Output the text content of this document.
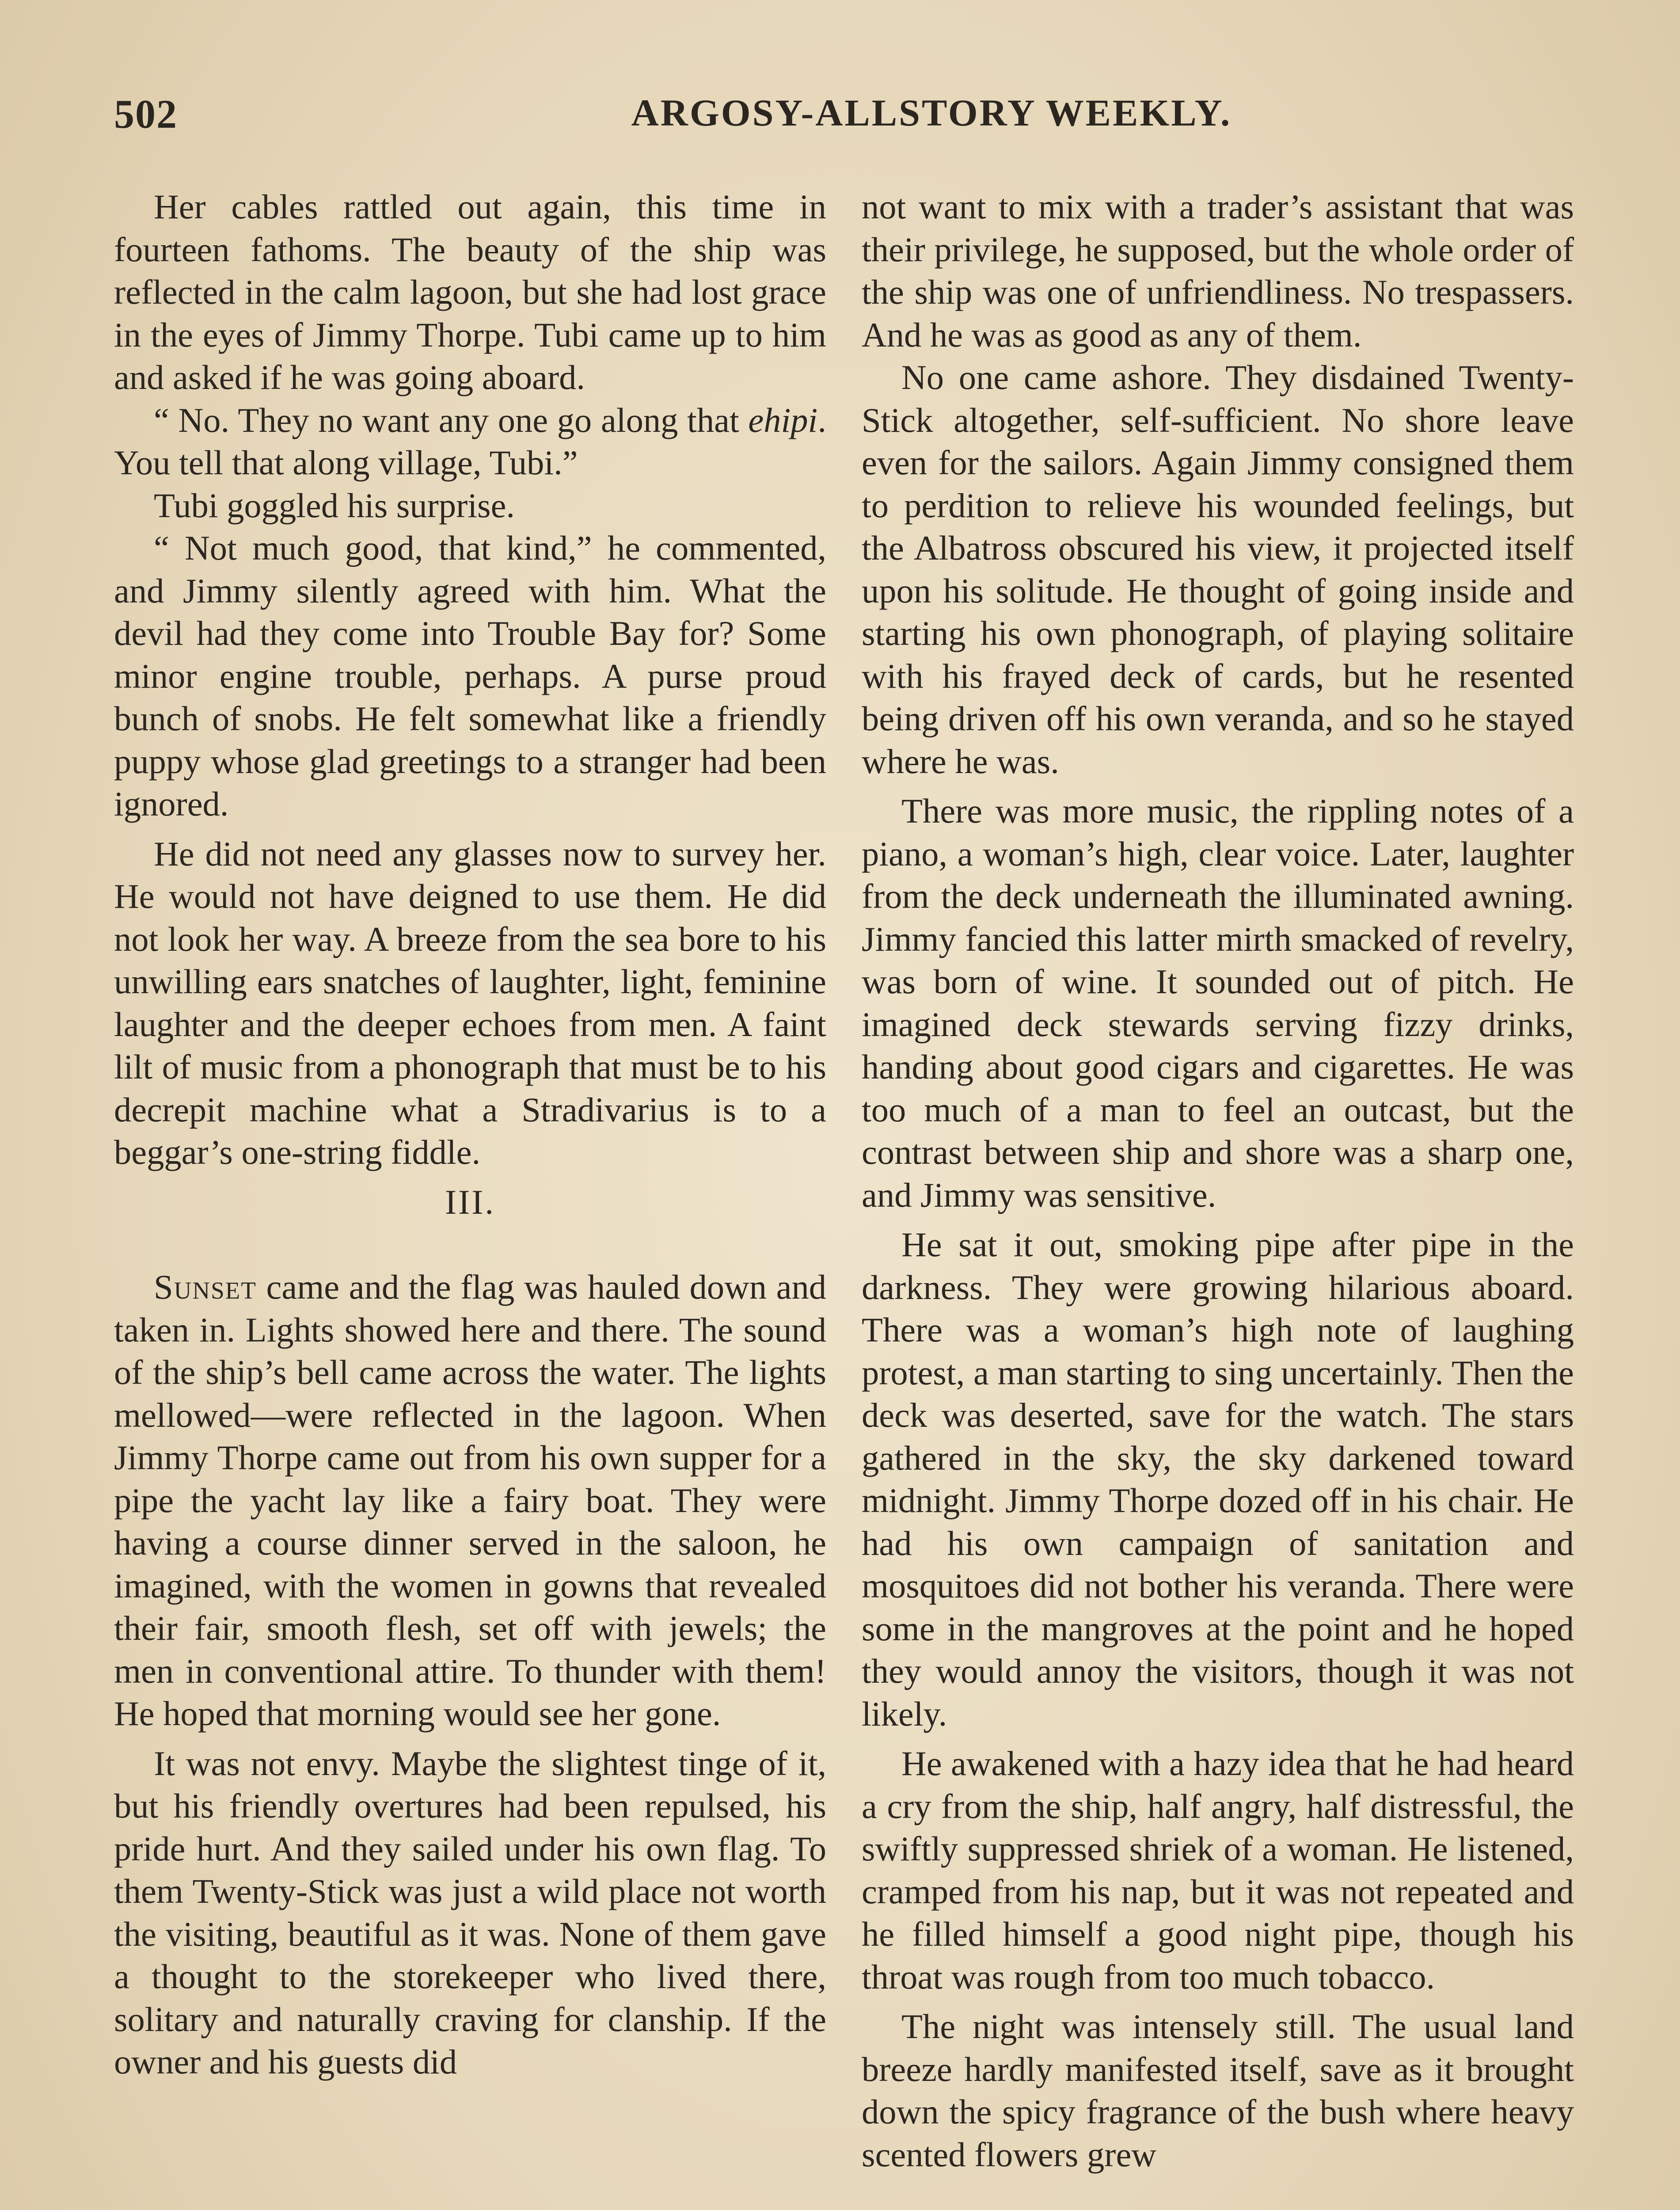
502	ARGOSY-ALLSTORY WEEKLY.

Her cables rattled out again, this time in fourteen fathoms. The beauty of the ship was reflected in the calm lagoon, but she had lost grace in the eyes of Jimmy Thorpe. Tubi came up to him and asked if he was going aboard.

“ No. They no want any one go along that ehipi. You tell that along village, Tubi.”

Tubi goggled his surprise.

“ Not much good, that kind,” he commented, and Jimmy silently agreed with him. What the devil had they come into Trouble Bay for? Some minor engine trouble, perhaps. A purse proud bunch of snobs. He felt somewhat like a friendly puppy whose glad greetings to a stranger had been ignored.

He did not need any glasses now to survey her. He would not have deigned to use them. He did not look her way. A breeze from the sea bore to his unwilling ears snatches of laughter, light, feminine laughter and the deeper echoes from men. A faint lilt of music from a phonograph that must be to his decrepit machine what a Stradivarius is to a beggar’s one-string fiddle.

III.

Sunset came and the flag was hauled down and taken in. Lights showed here and there. The sound of the ship’s bell came across the water. The lights mellowed—were reflected in the lagoon. When Jimmy Thorpe came out from his own supper for a pipe the yacht lay like a fairy boat. They were having a course dinner served in the saloon, he imagined, with the women in gowns that revealed their fair, smooth flesh, set off with jewels; the men in conventional attire. To thunder with them! He hoped that morning would see her gone.

It was not envy. Maybe the slightest tinge of it, but his friendly overtures had been repulsed, his pride hurt. And they sailed under his own flag. To them Twenty-Stick was just a wild place not worth the visiting, beautiful as it was. None of them gave a thought to the storekeeper who lived there, solitary and naturally craving for clanship. If the owner and his guests did

not want to mix with a trader’s assistant that was their privilege, he supposed, but the whole order of the ship was one of unfriendliness. No trespassers. And he was as good as any of them.

No one came ashore. They disdained Twenty-Stick altogether, self-sufficient. No shore leave even for the sailors. Again Jimmy consigned them to perdition to relieve his wounded feelings, but the Albatross obscured his view, it projected itself upon his solitude. He thought of going inside and starting his own phonograph, of playing solitaire with his frayed deck of cards, but he resented being driven off his own veranda, and so he stayed where he was.

There was more music, the rippling notes of a piano, a woman’s high, clear voice. Later, laughter from the deck underneath the illuminated awning. Jimmy fancied this latter mirth smacked of revelry, was born of wine. It sounded out of pitch. He imagined deck stewards serving fizzy drinks, handing about good cigars and cigarettes. He was too much of a man to feel an outcast, but the contrast between ship and shore was a sharp one, and Jimmy was sensitive.

He sat it out, smoking pipe after pipe in the darkness. They were growing hilarious aboard. There was a woman’s high note of laughing protest, a man starting to sing uncertainly. Then the deck was deserted, save for the watch. The stars gathered in the sky, the sky darkened toward midnight. Jimmy Thorpe dozed off in his chair. He had his own campaign of sanitation and mosquitoes did not bother his veranda. There were some in the mangroves at the point and he hoped they would annoy the visitors, though it was not likely.

He awakened with a hazy idea that he had heard a cry from the ship, half angry, half distressful, the swiftly suppressed shriek of a woman. He listened, cramped from his nap, but it was not repeated and he filled himself a good night pipe, though his throat was rough from too much tobacco.

The night was intensely still. The usual land breeze hardly manifested itself, save as it brought down the spicy fragrance of the bush where heavy scented flowers grew
